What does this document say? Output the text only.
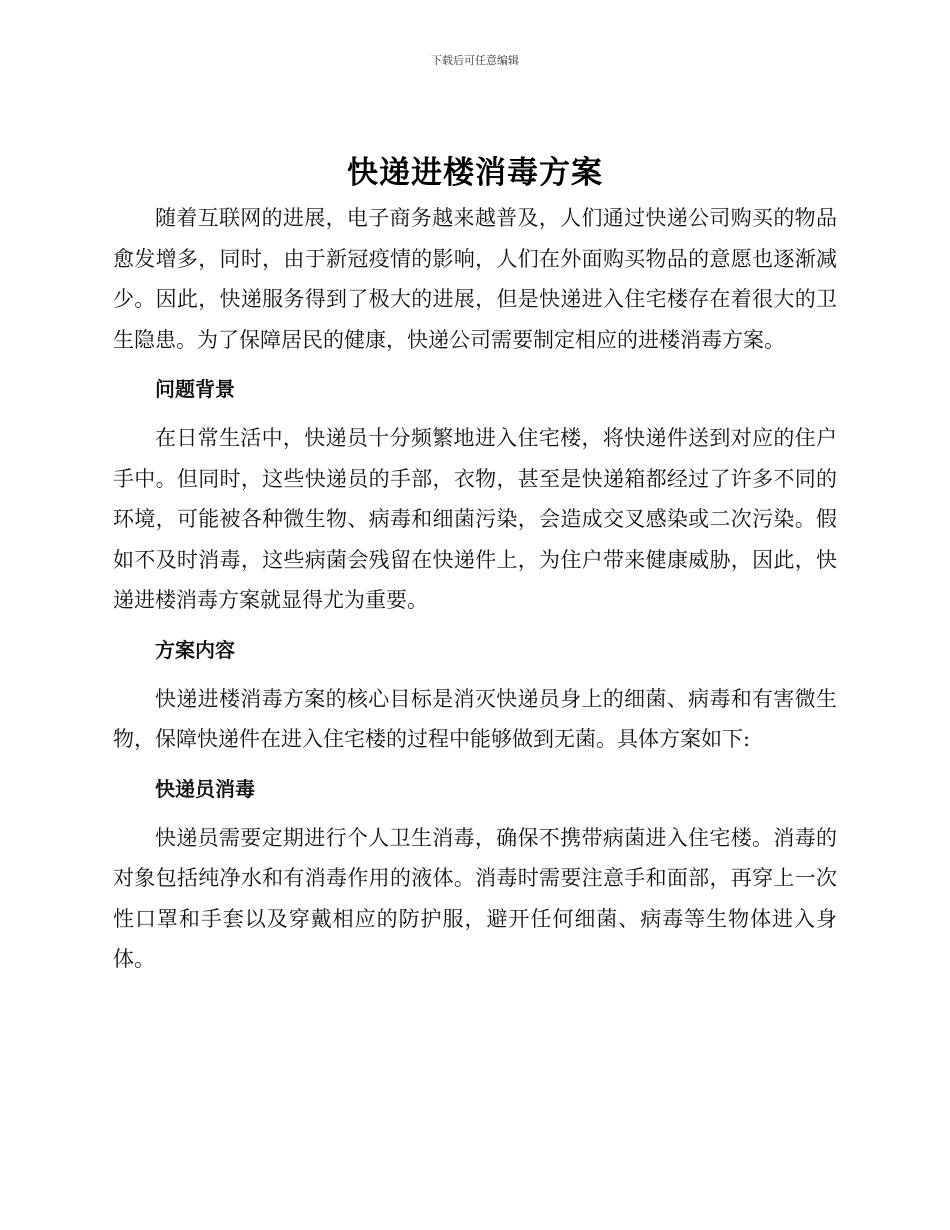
下载后可任意编辑
快递进楼消毒方案

随着互联网的进展，电子商务越来越普及，人们通过快递公司购买的物品愈发增多，同时，由于新冠疫情的影响，人们在外面购买物品的意愿也逐渐减少。因此，快递服务得到了极大的进展，但是快递进入住宅楼存在着很大的卫生隐患。为了保障居民的健康，快递公司需要制定相应的进楼消毒方案。

问题背景

在日常生活中，快递员十分频繁地进入住宅楼，将快递件送到对应的住户手中。但同时，这些快递员的手部，衣物，甚至是快递箱都经过了许多不同的环境，可能被各种微生物、病毒和细菌污染，会造成交叉感染或二次污染。假如不及时消毒，这些病菌会残留在快递件上，为住户带来健康威胁，因此，快递进楼消毒方案就显得尤为重要。

方案内容

快递进楼消毒方案的核心目标是消灭快递员身上的细菌、病毒和有害微生物，保障快递件在进入住宅楼的过程中能够做到无菌。具体方案如下:

快递员消毒

快递员需要定期进行个人卫生消毒，确保不携带病菌进入住宅楼。消毒的对象包括纯净水和有消毒作用的液体。消毒时需要注意手和面部，再穿上一次性口罩和手套以及穿戴相应的防护服，避开任何细菌、病毒等生物体进入身体。
